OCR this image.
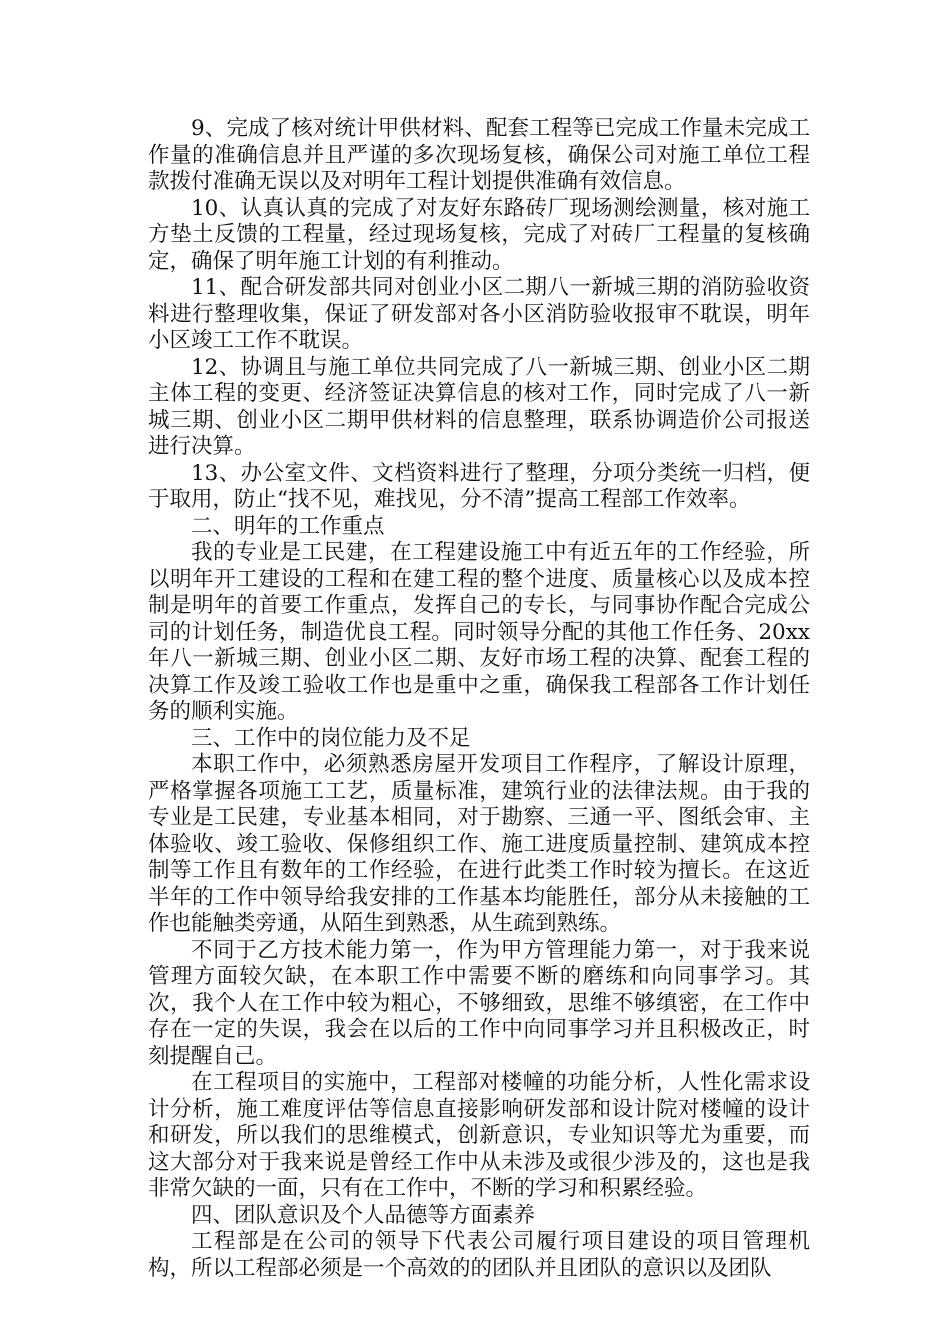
9、完成了核对统计甲供材料、配套工程等已完成工作量未完成工作量的准确信息并且严谨的多次现场复核，确保公司对施工单位工程款拨付准确无误以及对明年工程计划提供准确有效信息。

10、认真认真的完成了对友好东路砖厂现场测绘测量，核对施工方垫土反馈的工程量，经过现场复核，完成了对砖厂工程量的复核确定，确保了明年施工计划的有利推动。

11、配合研发部共同对创业小区二期八一新城三期的消防验收资料进行整理收集，保证了研发部对各小区消防验收报审不耽误，明年小区竣工工作不耽误。

12、协调且与施工单位共同完成了八一新城三期、创业小区二期主体工程的变更、经济签证决算信息的核对工作，同时完成了八一新城三期、创业小区二期甲供材料的信息整理，联系协调造价公司报送进行决算。

13、办公室文件、文档资料进行了整理，分项分类统一归档，便于取用，防止“找不见，难找见，分不清”提高工程部工作效率。

二、明年的工作重点

我的专业是工民建，在工程建设施工中有近五年的工作经验，所以明年开工建设的工程和在建工程的整个进度、质量核心以及成本控制是明年的首要工作重点，发挥自己的专长，与同事协作配合完成公司的计划任务，制造优良工程。同时领导分配的其他工作任务、20xx年八一新城三期、创业小区二期、友好市场工程的决算、配套工程的决算工作及竣工验收工作也是重中之重，确保我工程部各工作计划任务的顺利实施。

三、工作中的岗位能力及不足

本职工作中，必须熟悉房屋开发项目工作程序，了解设计原理，严格掌握各项施工工艺，质量标准，建筑行业的法律法规。由于我的专业是工民建，专业基本相同，对于勘察、三通一平、图纸会审、主体验收、竣工验收、保修组织工作、施工进度质量控制、建筑成本控制等工作且有数年的工作经验，在进行此类工作时较为擅长。在这近半年的工作中领导给我安排的工作基本均能胜任，部分从未接触的工作也能触类旁通，从陌生到熟悉，从生疏到熟练。

不同于乙方技术能力第一，作为甲方管理能力第一，对于我来说管理方面较欠缺，在本职工作中需要不断的磨练和向同事学习。其次，我个人在工作中较为粗心，不够细致，思维不够缜密，在工作中存在一定的失误，我会在以后的工作中向同事学习并且积极改正，时刻提醒自己。

在工程项目的实施中，工程部对楼幢的功能分析，人性化需求设计分析，施工难度评估等信息直接影响研发部和设计院对楼幢的设计和研发，所以我们的思维模式，创新意识，专业知识等尤为重要，而这大部分对于我来说是曾经工作中从未涉及或很少涉及的，这也是我非常欠缺的一面，只有在工作中，不断的学习和积累经验。

四、团队意识及个人品德等方面素养

工程部是在公司的领导下代表公司履行项目建设的项目管理机构，所以工程部必须是一个高效的的团队并且团队的意识以及团队
